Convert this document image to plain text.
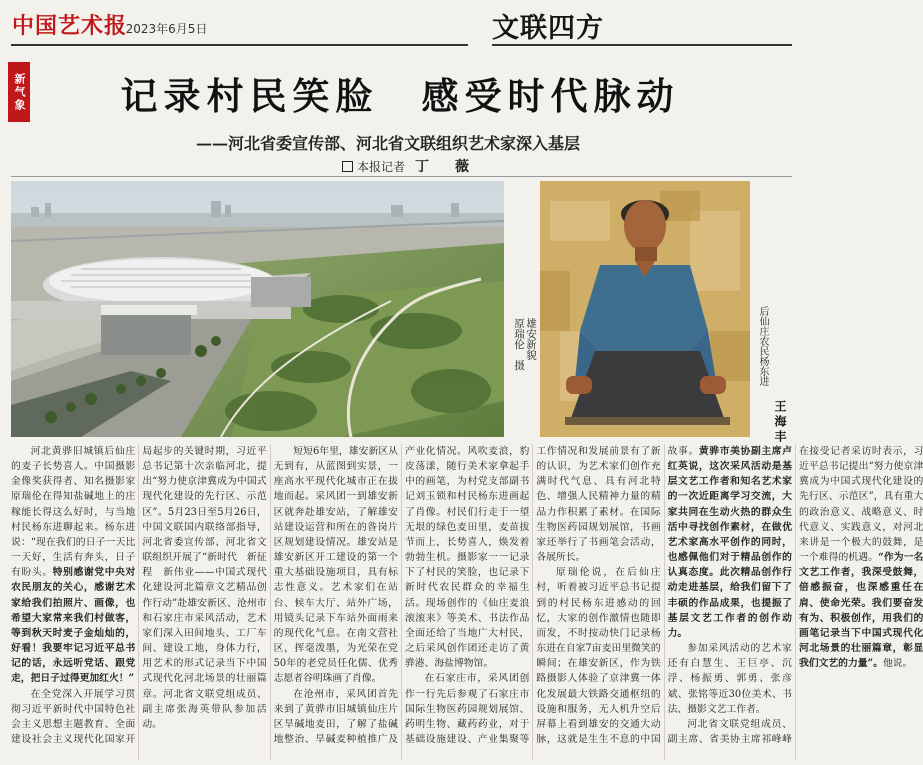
中国艺术报
· 2023年6月5日	文联四方
新气象	记录村民笑脸　感受时代脉动
——河北省委宣传部、河北省文联组织艺术家深入基层
本报记者 丁　薇
雄安新貌
原瑞伦　摄	后仙庄农民杨东进
王海丰

河北黄骅旧城镇后仙庄的麦子长势喜人。中国摄影金像奖获得者、知名摄影家原瑞伦在得知盐碱地上的庄稼能长得这么好时，与当地村民杨东进聊起来。杨东进说：“现在我们的日子一天比一天好，生活有奔头，日子有盼头。特别感谢党中央对农民朋友的关心，感谢艺术家给我们拍照片、画像，也希望大家常来我们村做客，等到秋天时麦子金灿灿的，好看！我要牢记习近平总书记的话，永远听党话、跟党走，把日子过得更加红火！”

在全党深入开展学习贯彻习近平新时代中国特色社会主义思想主题教育、全面建设社会主义现代化国家开局起步的关键时期，习近平总书记第十次亲临河北，提出“努力使京津冀成为中国式现代化建设的先行区、示范区”。5月23日至5月26日，中国文联国内联络部指导，河北省委宣传部、河北省文联组织开展了“新时代　新征程　新伟业——中国式现代化建设河北篇章文艺精品创作行动”赴雄安新区、沧州市和石家庄市采风活动，艺术家们深入田间地头、工厂车间、建设工地，身体力行，用艺术的形式记录当下中国式现代化河北场景的壮丽篇章。河北省文联党组成员、副主席张海英带队参加活动。

短短6年里，雄安新区从无到有，从蓝图到实景，一座高水平现代化城市正在拔地而起。采风团一到雄安新区就奔赴雄安站，了解雄安站建设运营和所在的昝岗片区规划建设情况。雄安站是雄安新区开工建设的第一个重大基础设施项目，具有标志性意义。艺术家们在站台、候车大厅、站外广场，用镜头记录下车站外面雨来的现代化气息。在南文营社区，挥毫泼墨，为光荣在党50年的老党员任化儒、优秀志愿者谷明珠画了肖像。

在沧州市，采风团首先来到了黄骅市旧城镇仙庄片区旱碱地麦田，了解了盐碱地整治、旱碱麦种植推广及产业化情况。风吹麦浪，豹皮荡漾，随行美术家拿起手中的画笔，为村党支部副书记刘玉锁和村民杨东进画起了肖像。村民们行走于一望无垠的绿色麦田里，麦苗拔节而上，长势喜人，焕发着勃勃生机。摄影家一一记录下了村民的笑脸，也记录下新时代农民群众的幸福生活。现场创作的《仙庄麦浪滚滚来》等美术、书法作品全面还给了当地广大村民，之后采风创作团还走访了黄骅港、海盐博物馆。

在石家庄市，采风团创作一行先后参观了石家庄市国际生物医药园规划展馆、药明生物、藏药药业，对于基础设施建设、产业集聚等工作情况和发展前景有了新的认识，为艺术家们创作充满时代气息、具有河北特色、增强人民精神力量的精品力作积累了素材。在国际生物医药园规划展馆，书画家还举行了书画笔会活动，各展所长。

原瑞伦说，在后仙庄村，听着被习近平总书记提到的村民杨东进感动的回忆，大家的创作激情也随即而发，不时按动快门记录杨东进在自家7亩麦田里微笑的瞬间；在雄安新区，作为铁路摄影人体验了京津冀一体化发展最大铁路交通枢纽的设施和服务，无人机升空后屏幕上看到雄安的交通大动脉，这就是生生不息的中国故事。黄骅市美协副主席卢红英说，这次采风活动是基层文艺工作者和知名艺术家的一次近距离学习交流，大家共同在生动火热的群众生活中寻找创作素材，在做优艺术家高水平创作的同时，也感佩他们对于精品创作的认真态度。此次精品创作行动走进基层，给我们留下了丰硕的作品成果，也提振了基层文艺工作者的创作动力。

参加采风活动的艺术家还有白慧生、王巨亭、沉浮、杨振勇、郭勇、张彦斌、张铭等近30位美术、书法、摄影文艺工作者。

河北省文联党组成员、副主席、省美协主席祁峰峰在接受记者采访时表示，习近平总书记提出“努力使京津冀成为中国式现代化建设的先行区、示范区”，具有重大的政治意义、战略意义、时代意义、实践意义，对河北来讲是一个极大的鼓舞，是一个难得的机遇。“作为一名文艺工作者，我深受鼓舞，倍感振奋，也深感重任在肩、使命光荣。我们要奋发有为、积极创作，用我们的画笔记录当下中国式现代化河北场景的壮丽篇章，彰显我们文艺的力量”。他说。
